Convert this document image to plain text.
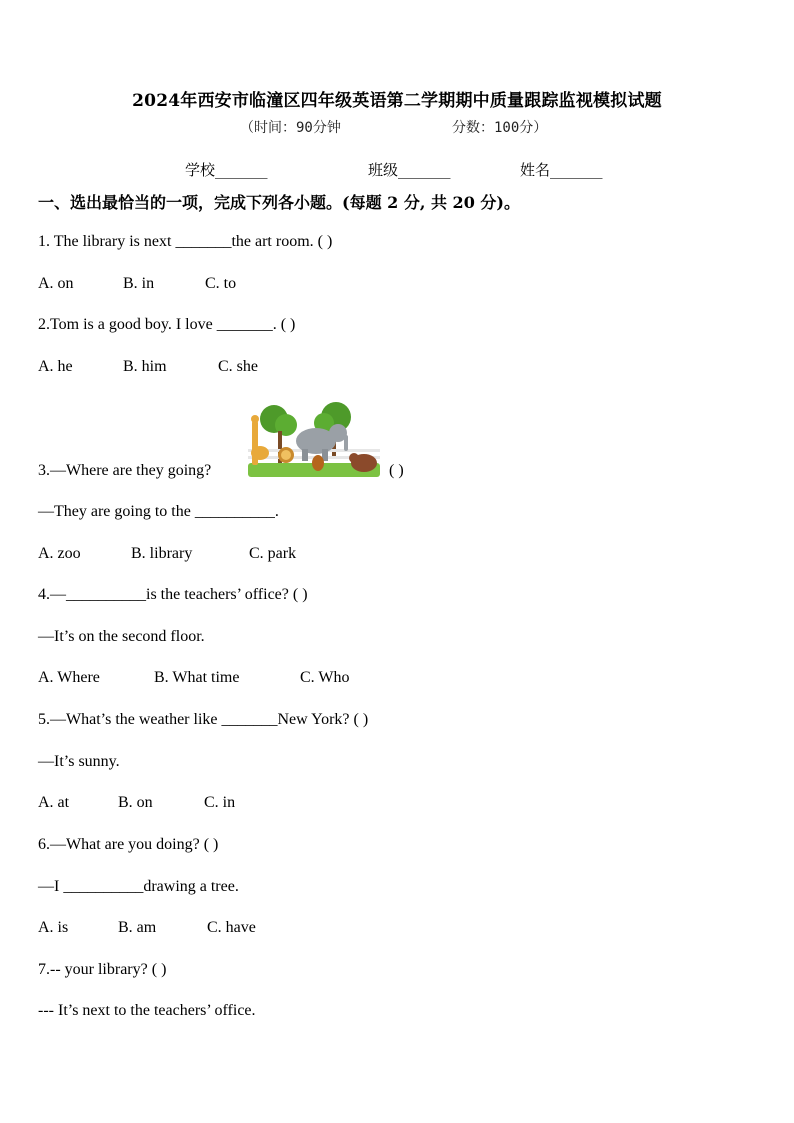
2024年西安市临潼区四年级英语第二学期期中质量跟踪监视模拟试题
（时间：90分钟	分数：100分）
学校_______	班级_______	姓名_______
一、选出最恰当的一项，完成下列各小题。(每题 2 分, 共 20 分)。
1. The library is next _______the art room. ( )
A. on	B. in	C. to
2.Tom is a good boy. I love _______. ( )
A. he	B. him	C. she
3.—Where are they going?	( )
—They are going to the __________.
A. zoo	B. library	C. park
4.—__________is the teachers’ office? ( )
—It’s on the second floor.
A. Where	B. What time	C. Who
5.—What’s the weather like _______New York? ( )
—It’s sunny.
A. at	B. on	C. in
6.—What are you doing? ( )
—I __________drawing a tree.
A. is	B. am	C. have
7.-- your library? ( )
--- It’s next to the teachers’ office.
